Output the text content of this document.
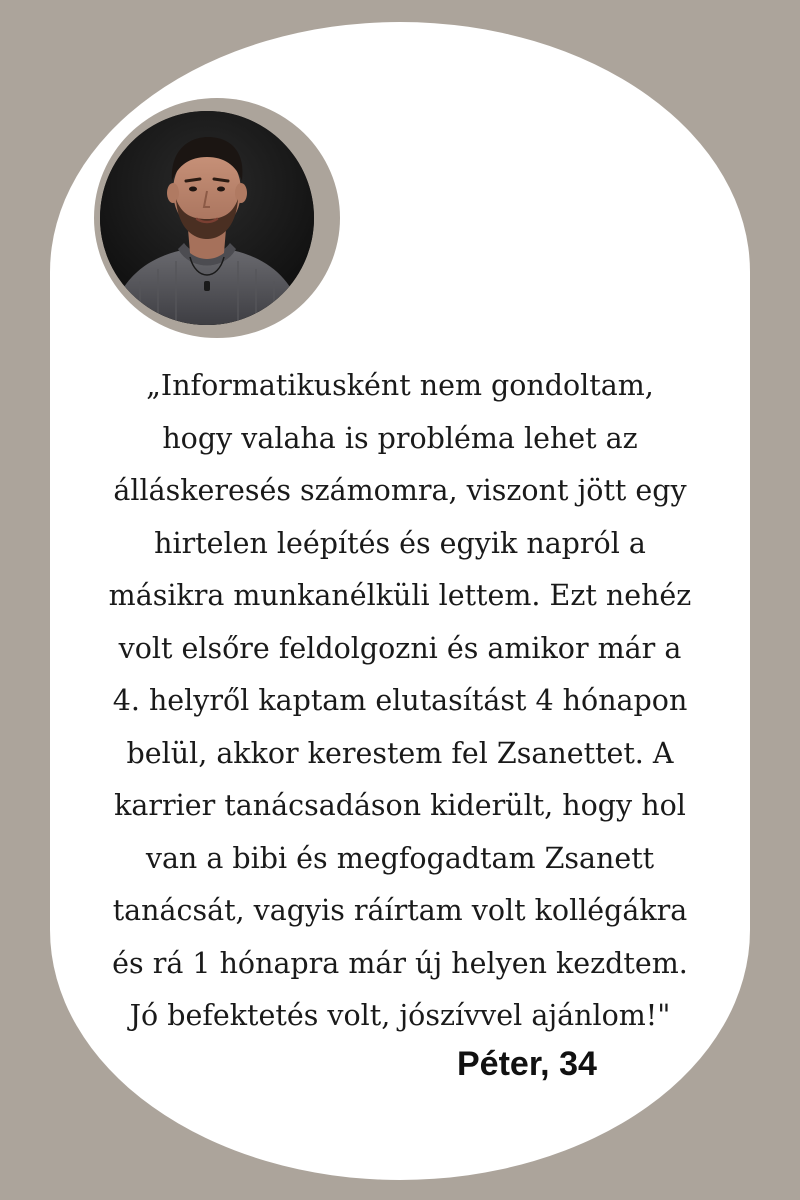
„Informatikusként nem gondoltam,
hogy valaha is probléma lehet az
álláskeresés számomra, viszont jött egy
hirtelen leépítés és egyik napról a
másikra munkanélküli lettem. Ezt nehéz
volt elsőre feldolgozni és amikor már a
4. helyről kaptam elutasítást 4 hónapon
belül, akkor kerestem fel Zsanettet. A
karrier tanácsadáson kiderült, hogy hol
van a bibi és megfogadtam Zsanett
tanácsát, vagyis ráírtam volt kollégákra
és rá 1 hónapra már új helyen kezdtem.
Jó befektetés volt, jószívvel ajánlom!"

Péter, 34
